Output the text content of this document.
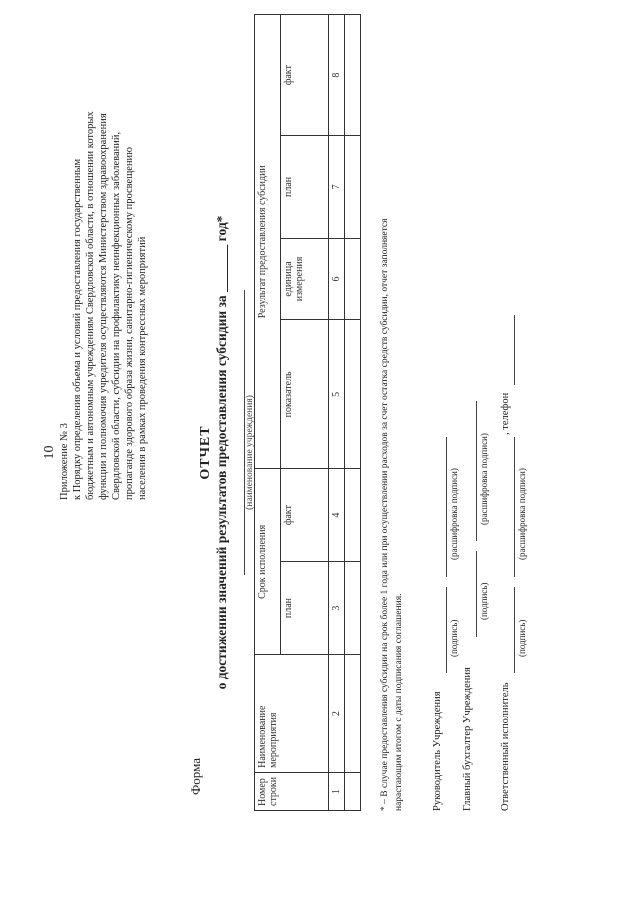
10 Приложение № 3 к Порядку определения объема и условий предоставления государственным бюджетным и автономным учреждениям Свердловской области, в отношении которых функции и полномочия учредителя осуществляются Министерством здравоохранения Свердловской области, субсидии на профилактику неинфекционных заболеваний, пропаганде здорового образа жизни, санитарно-гигиеническому просвещению населения в рамках проведения контрессных мероприятий
Форма
ОТЧЕТ о достижении значений результатов предоставления субсидии за _______ год* (наименование учреждения)
Номер строки	Наименование мероприятия	Срок исполнения		Результат предоставления субсидии			
		план	факт	показатель	единица измерения	план	факт
1	2	3	4	5	6	7	8

* – В случае предоставления субсидии на срок более 1 года или при осуществлении расходов за счет остатка средств субсидии, отчет заполняется нарастающим итогом с даты подписания соглашения.	Руководитель Учреждения
(подпись)
(расшифровка подписи)
Главный бухгалтер Учреждения
(подпись)
(расшифровка подписи)
Ответственный исполнитель
, телефон
(подпись)
(расшифровка подписи)
